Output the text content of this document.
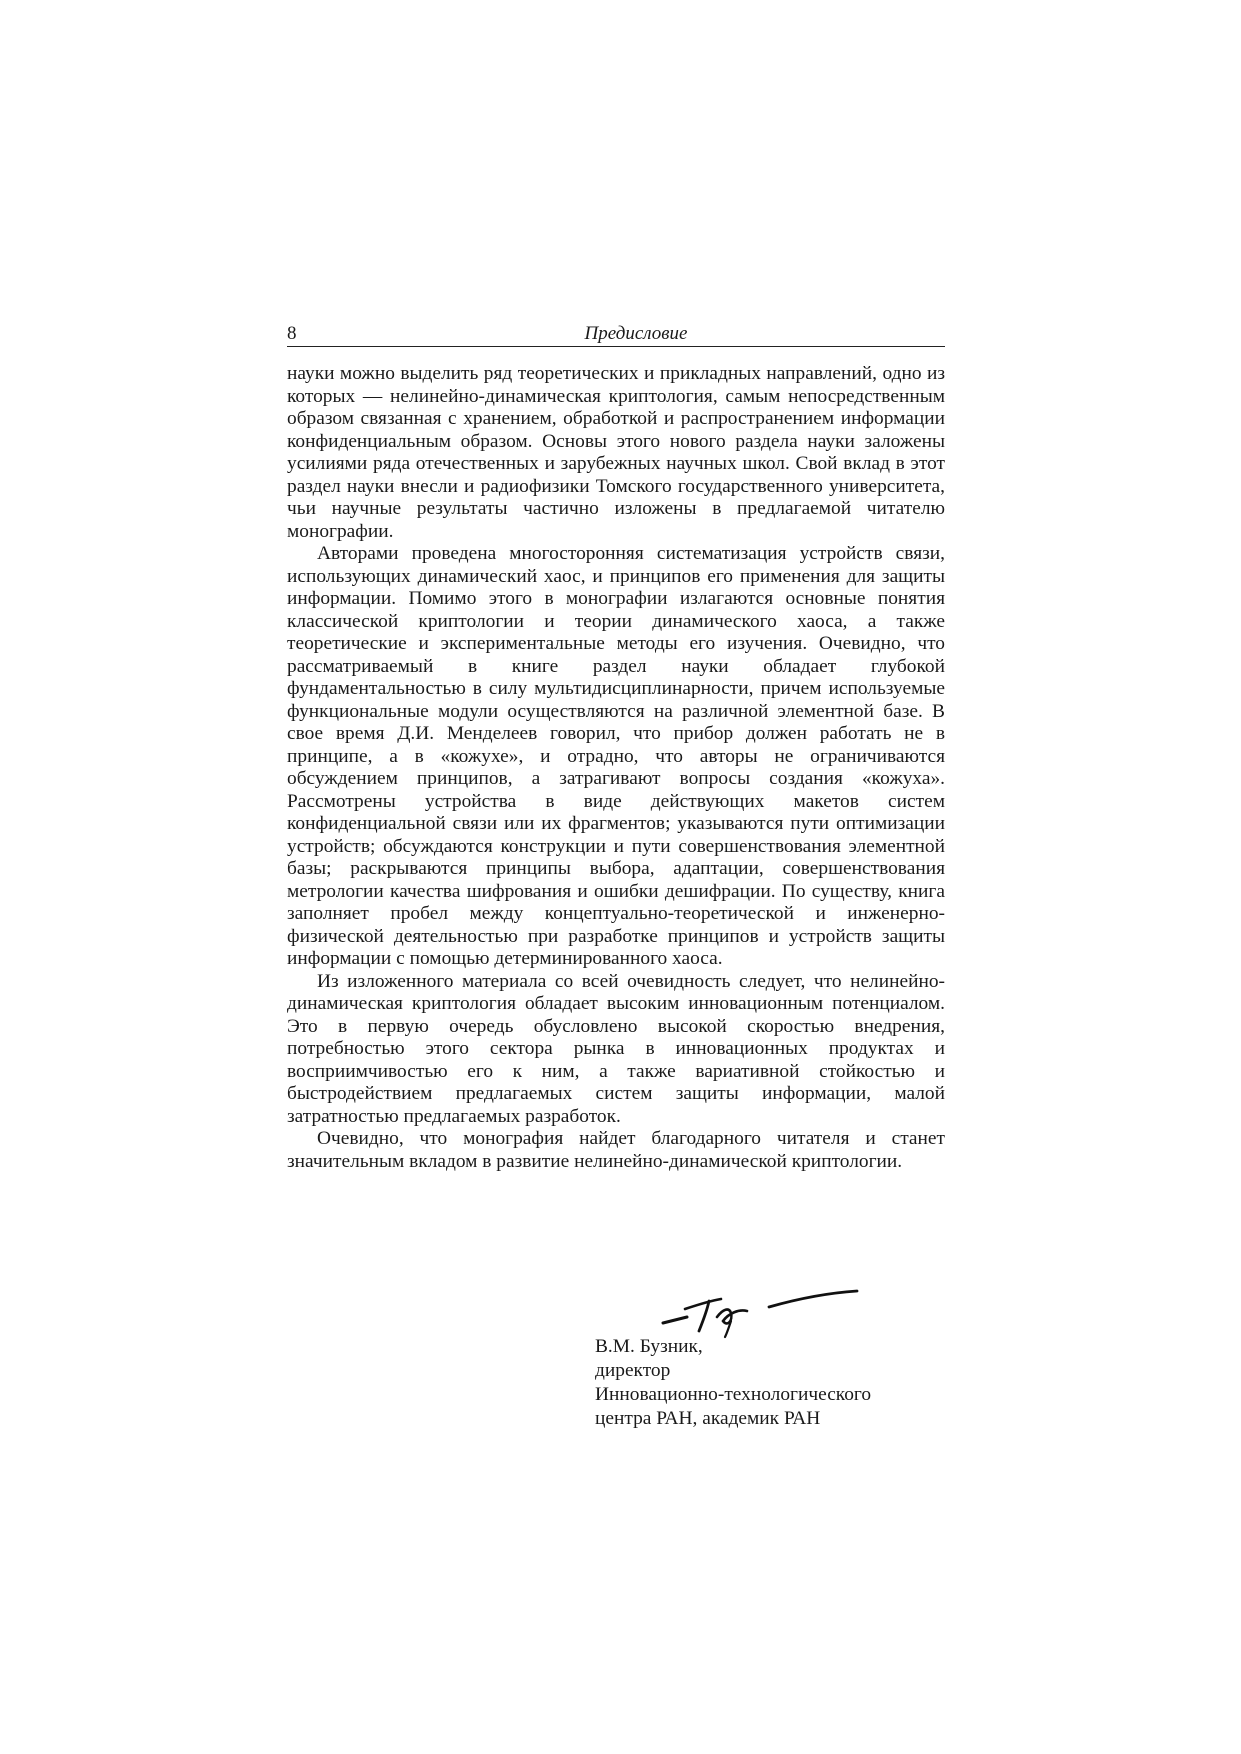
8	Предисловие

науки можно выделить ряд теоретических и прикладных направлений, одно из которых — нелинейно-динамическая криптология, самым непосредственным образом связанная с хранением, обработкой и распространением информации конфиденциальным образом. Основы этого нового раздела науки заложены усилиями ряда отечественных и зарубежных научных школ. Свой вклад в этот раздел науки внесли и радиофизики Томского государственного университета, чьи научные результаты частично изложены в предлагаемой читателю монографии.

Авторами проведена многосторонняя систематизация устройств связи, использующих динамический хаос, и принципов его применения для защиты информации. Помимо этого в монографии излагаются основные понятия классической криптологии и теории динамического хаоса, а также теоретические и экспериментальные методы его изучения. Очевидно, что рассматриваемый в книге раздел науки обладает глубокой фундаментальностью в силу мультидисциплинарности, причем используемые функциональные модули осуществляются на различной элементной базе. В свое время Д.И. Менделеев говорил, что прибор должен работать не в принципе, а в «кожухе», и отрадно, что авторы не ограничиваются обсуждением принципов, а затрагивают вопросы создания «кожуха». Рассмотрены устройства в виде действующих макетов систем конфиденциальной связи или их фрагментов; указываются пути оптимизации устройств; обсуждаются конструкции и пути совершенствования элементной базы; раскрываются принципы выбора, адаптации, совершенствования метрологии качества шифрования и ошибки дешифрации. По существу, книга заполняет пробел между концептуально-теоретической и инженерно-физической деятельностью при разработке принципов и устройств защиты информации с помощью детерминированного хаоса.

Из изложенного материала со всей очевидность следует, что нелинейно-динамическая криптология обладает высоким инновационным потенциалом. Это в первую очередь обусловлено высокой скоростью внедрения, потребностью этого сектора рынка в инновационных продуктах и восприимчивостью его к ним, а также вариативной стойкостью и быстродействием предлагаемых систем защиты информации, малой затратностью предлагаемых разработок.

Очевидно, что монография найдет благодарного читателя и станет значительным вкладом в развитие нелинейно-динамической криптологии.

В.М. Бузник,
директор
Инновационно-технологического
центра РАН, академик РАН
